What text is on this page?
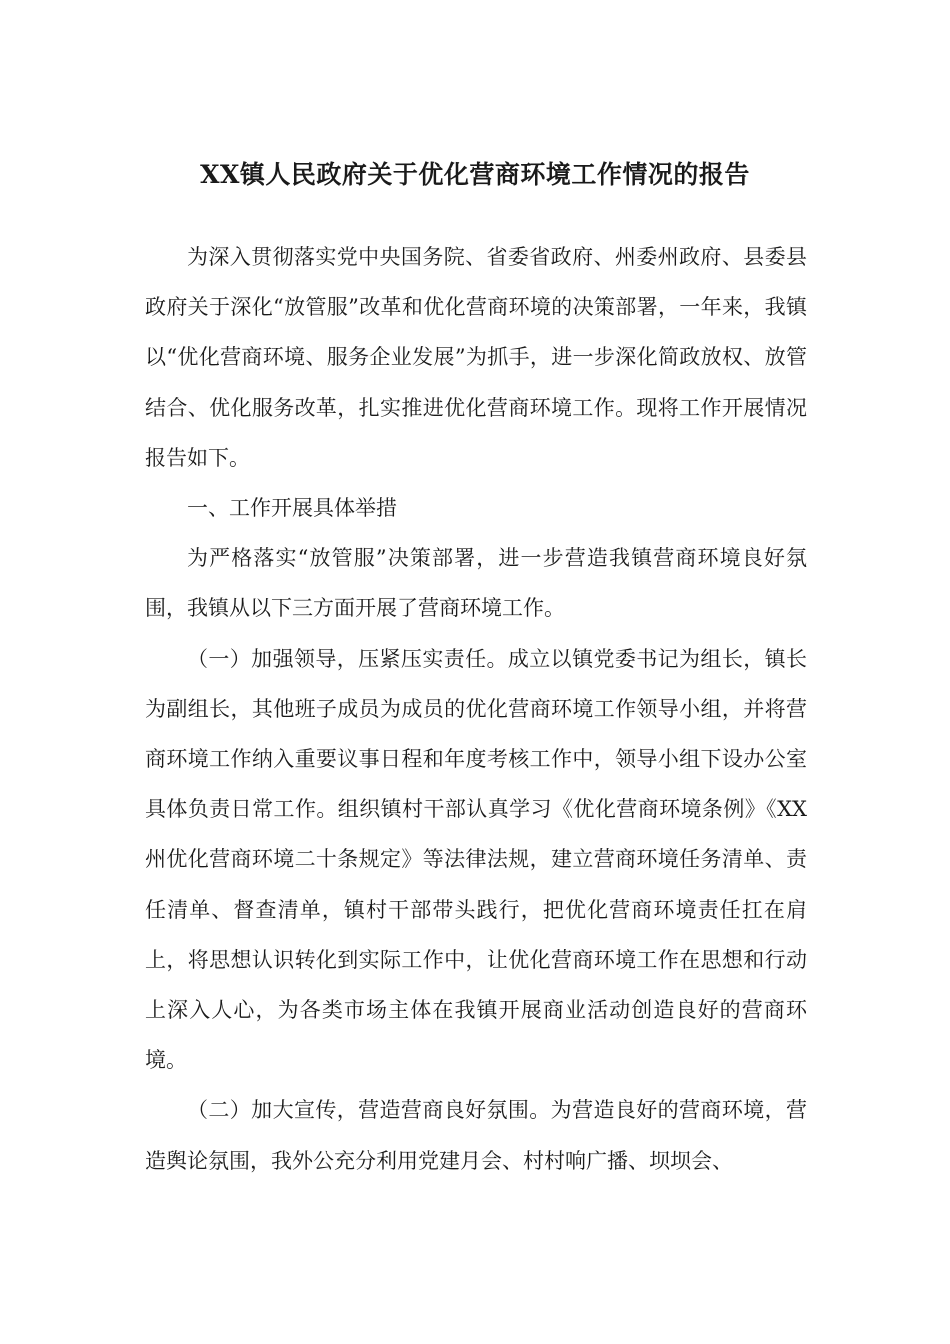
XX镇人民政府关于优化营商环境工作情况的报告

为深入贯彻落实党中央国务院、省委省政府、州委州政府、县委县政府关于深化“放管服”改革和优化营商环境的决策部署，一年来，我镇以“优化营商环境、服务企业发展”为抓手，进一步深化简政放权、放管结合、优化服务改革，扎实推进优化营商环境工作。现将工作开展情况报告如下。

一、工作开展具体举措

为严格落实“放管服”决策部署，进一步营造我镇营商环境良好氛围，我镇从以下三方面开展了营商环境工作。

（一）加强领导，压紧压实责任。成立以镇党委书记为组长，镇长为副组长，其他班子成员为成员的优化营商环境工作领导小组，并将营商环境工作纳入重要议事日程和年度考核工作中，领导小组下设办公室具体负责日常工作。组织镇村干部认真学习《优化营商环境条例》《XX州优化营商环境二十条规定》等法律法规，建立营商环境任务清单、责任清单、督查清单，镇村干部带头践行，把优化营商环境责任扛在肩上，将思想认识转化到实际工作中，让优化营商环境工作在思想和行动上深入人心，为各类市场主体在我镇开展商业活动创造良好的营商环境。

（二）加大宣传，营造营商良好氛围。为营造良好的营商环境，营造舆论氛围，我外公充分利用党建月会、村村响广播、坝坝会、
